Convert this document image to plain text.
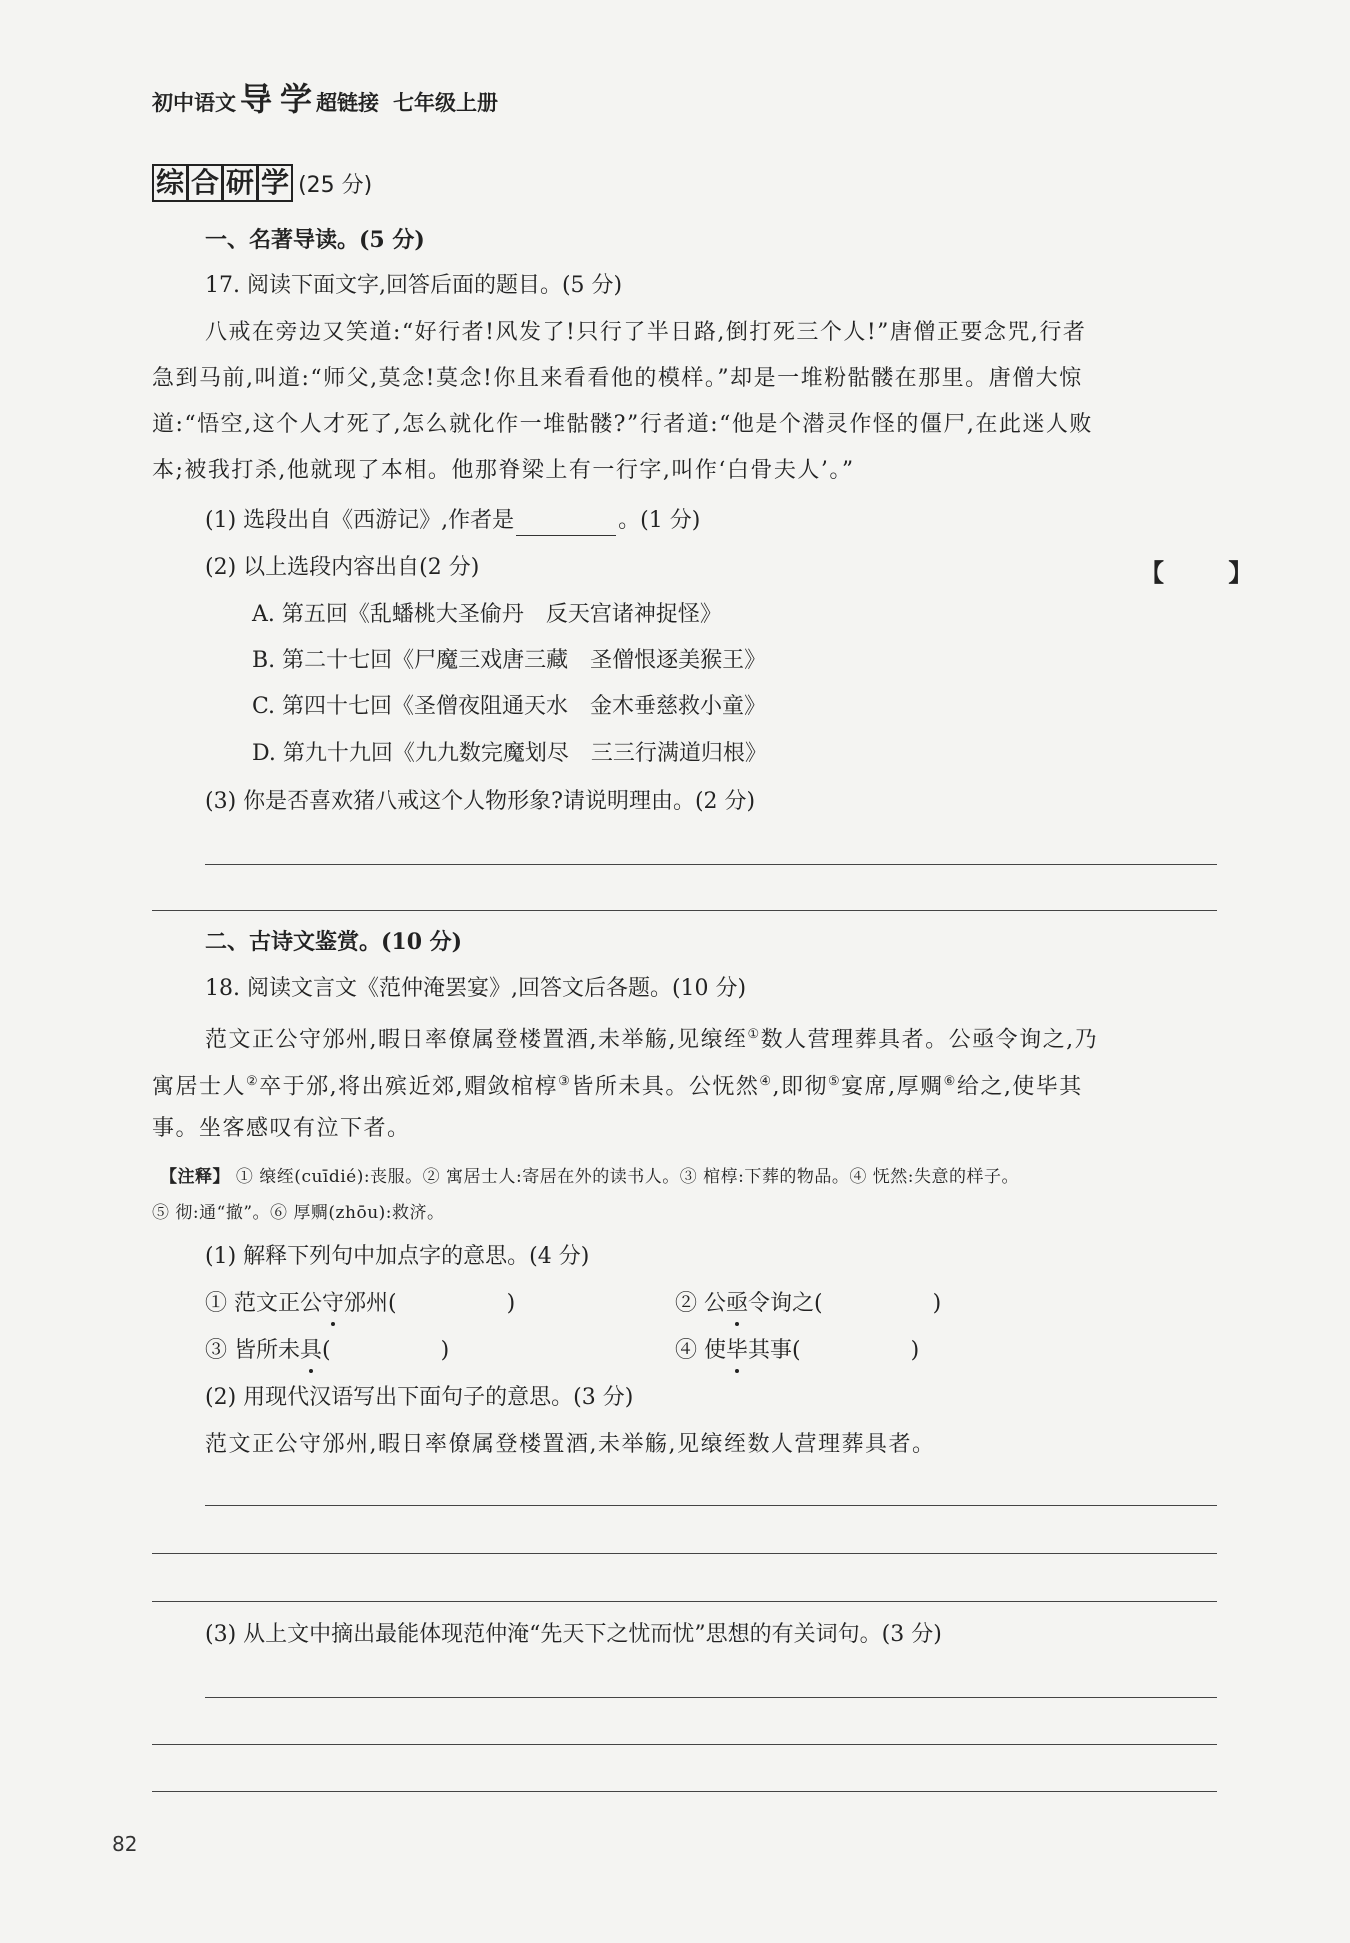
初中语文 导 学 超链接 七年级上册
综 合 研 学 (25 分)
一、名著导读。(5 分)
17. 阅读下面文字,回答后面的题目。(5 分)
八戒在旁边又笑道:“好行者!风发了!只行了半日路,倒打死三个人!”唐僧正要念咒,行者
急到马前,叫道:“师父,莫念!莫念!你且来看看他的模样。”却是一堆粉骷髅在那里。唐僧大惊
道:“悟空,这个人才死了,怎么就化作一堆骷髅?”行者道:“他是个潜灵作怪的僵尸,在此迷人败
本;被我打杀,他就现了本相。他那脊梁上有一行字,叫作‘白骨夫人’。”
(1) 选段出自《西游记》,作者是	。(1 分)
(2) 以上选段内容出自(2 分)	【 】
A. 第五回《乱蟠桃大圣偷丹　反天宫诸神捉怪》
B. 第二十七回《尸魔三戏唐三藏　圣僧恨逐美猴王》
C. 第四十七回《圣僧夜阻通天水　金木垂慈救小童》
D. 第九十九回《九九数完魔划尽　三三行满道归根》
(3) 你是否喜欢猪八戒这个人物形象?请说明理由。(2 分)
二、古诗文鉴赏。(10 分)
18. 阅读文言文《范仲淹罢宴》,回答文后各题。(10 分)
范文正公守邠州,暇日率僚属登楼置酒,未举觞,见缞绖①数人营理葬具者。公亟令询之,乃
寓居士人②卒于邠,将出殡近郊,赗敛棺椁③皆所未具。公怃然④,即彻⑤宴席,厚赒⑥给之,使毕其
事。坐客感叹有泣下者。
【注释】 ① 缞绖(cuīdié):丧服。② 寓居士人:寄居在外的读书人。③ 棺椁:下葬的物品。④ 怃然:失意的样子。
⑤ 彻:通“撤”。⑥ 厚赒(zhōu):救济。
(1) 解释下列句中加点字的意思。(4 分)
① 范文正公守邠州(	)	② 公亟令询之(	)
③ 皆所未具(	)	④ 使毕其事(	)
(2) 用现代汉语写出下面句子的意思。(3 分)
范文正公守邠州,暇日率僚属登楼置酒,未举觞,见缞绖数人营理葬具者。
(3) 从上文中摘出最能体现范仲淹“先天下之忧而忧”思想的有关词句。(3 分)
82
